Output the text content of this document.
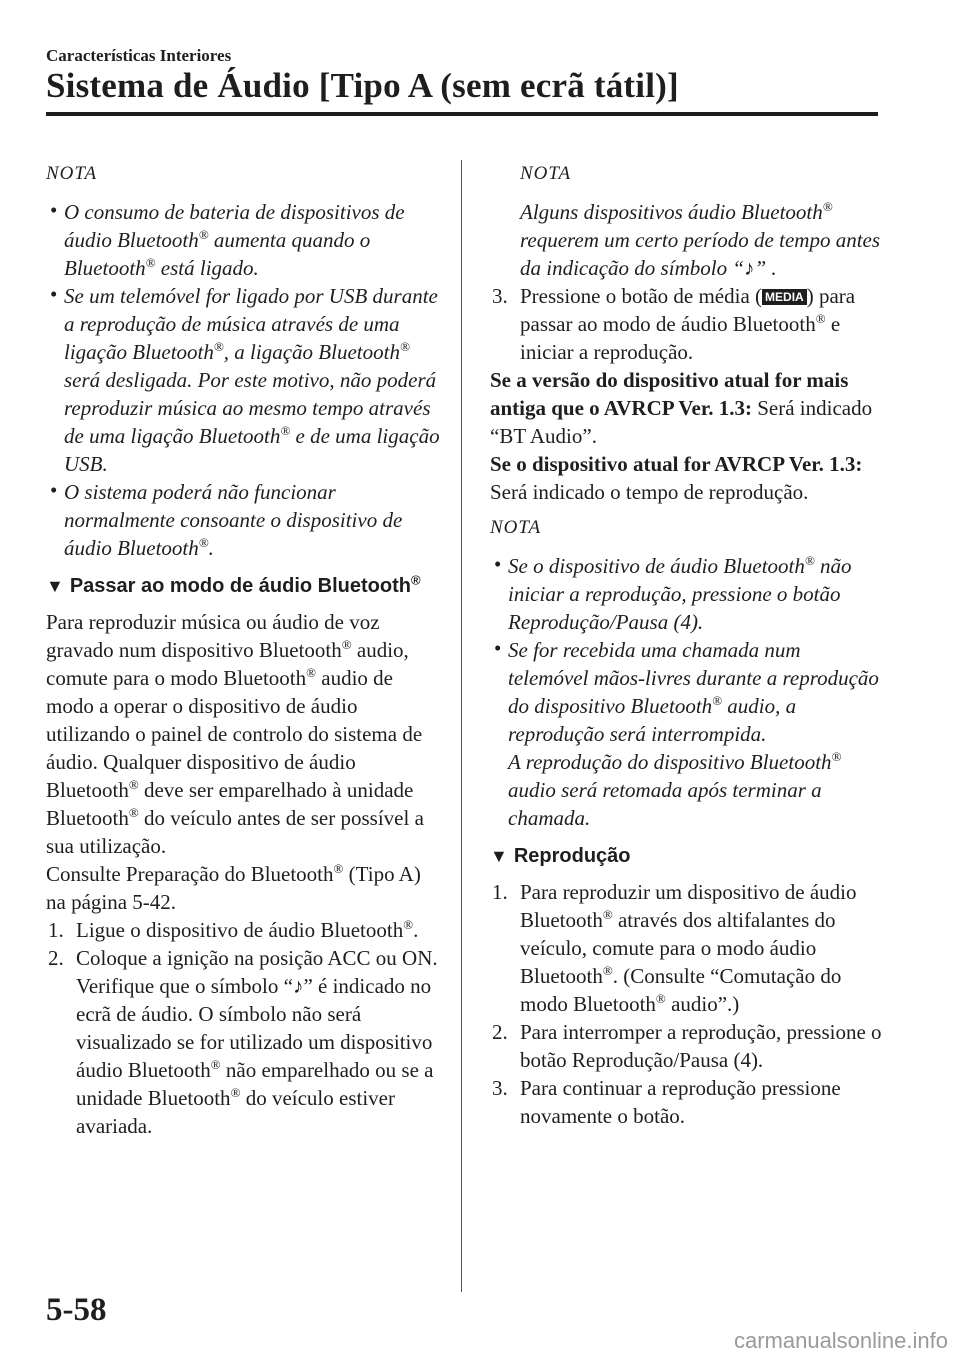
Características Interiores
Sistema de Áudio [Tipo A (sem ecrã tátil)]

NOTA

• O consumo de bateria de dispositivos de áudio Bluetooth® aumenta quando o Bluetooth® está ligado.

• Se um telemóvel for ligado por USB durante a reprodução de música através de uma ligação Bluetooth®, a ligação Bluetooth® será desligada. Por este motivo, não poderá reproduzir música ao mesmo tempo através de uma ligação Bluetooth® e de uma ligação USB.

• O sistema poderá não funcionar normalmente consoante o dispositivo de áudio Bluetooth®.

▼ Passar ao modo de áudio Bluetooth®

Para reproduzir música ou áudio de voz gravado num dispositivo Bluetooth® audio, comute para o modo Bluetooth® audio de modo a operar o dispositivo de áudio utilizando o painel de controlo do sistema de áudio. Qualquer dispositivo de áudio Bluetooth® deve ser emparelhado à unidade Bluetooth® do veículo antes de ser possível a sua utilização.

Consulte Preparação do Bluetooth® (Tipo A) na página 5-42.

1. Ligue o dispositivo de áudio Bluetooth®.

2. Coloque a ignição na posição ACC ou ON.

Verifique que o símbolo “♪” é indicado no ecrã de áudio. O símbolo não será visualizado se for utilizado um dispositivo áudio Bluetooth® não emparelhado ou se a unidade Bluetooth® do veículo estiver avariada.

NOTA

Alguns dispositivos áudio Bluetooth® requerem um certo período de tempo antes da indicação do símbolo “♪” .

3. Pressione o botão de média ( MEDIA ) para passar ao modo de áudio Bluetooth® e iniciar a reprodução.

Se a versão do dispositivo atual for mais antiga que o AVRCP Ver. 1.3: Será indicado “BT Audio”.

Se o dispositivo atual for AVRCP Ver. 1.3: Será indicado o tempo de reprodução.

NOTA

• Se o dispositivo de áudio Bluetooth® não iniciar a reprodução, pressione o botão Reprodução/Pausa (4).

• Se for recebida uma chamada num telemóvel mãos-livres durante a reprodução do dispositivo Bluetooth® audio, a reprodução será interrompida.
A reprodução do dispositivo Bluetooth® audio será retomada após terminar a chamada.

▼ Reprodução

1. Para reproduzir um dispositivo de áudio Bluetooth® através dos altifalantes do veículo, comute para o modo áudio Bluetooth®. (Consulte “Comutação do modo Bluetooth® audio”.)

2. Para interromper a reprodução, pressione o botão Reprodução/Pausa (4).

3. Para continuar a reprodução pressione novamente o botão.

5-58
carmanualsonline.info
